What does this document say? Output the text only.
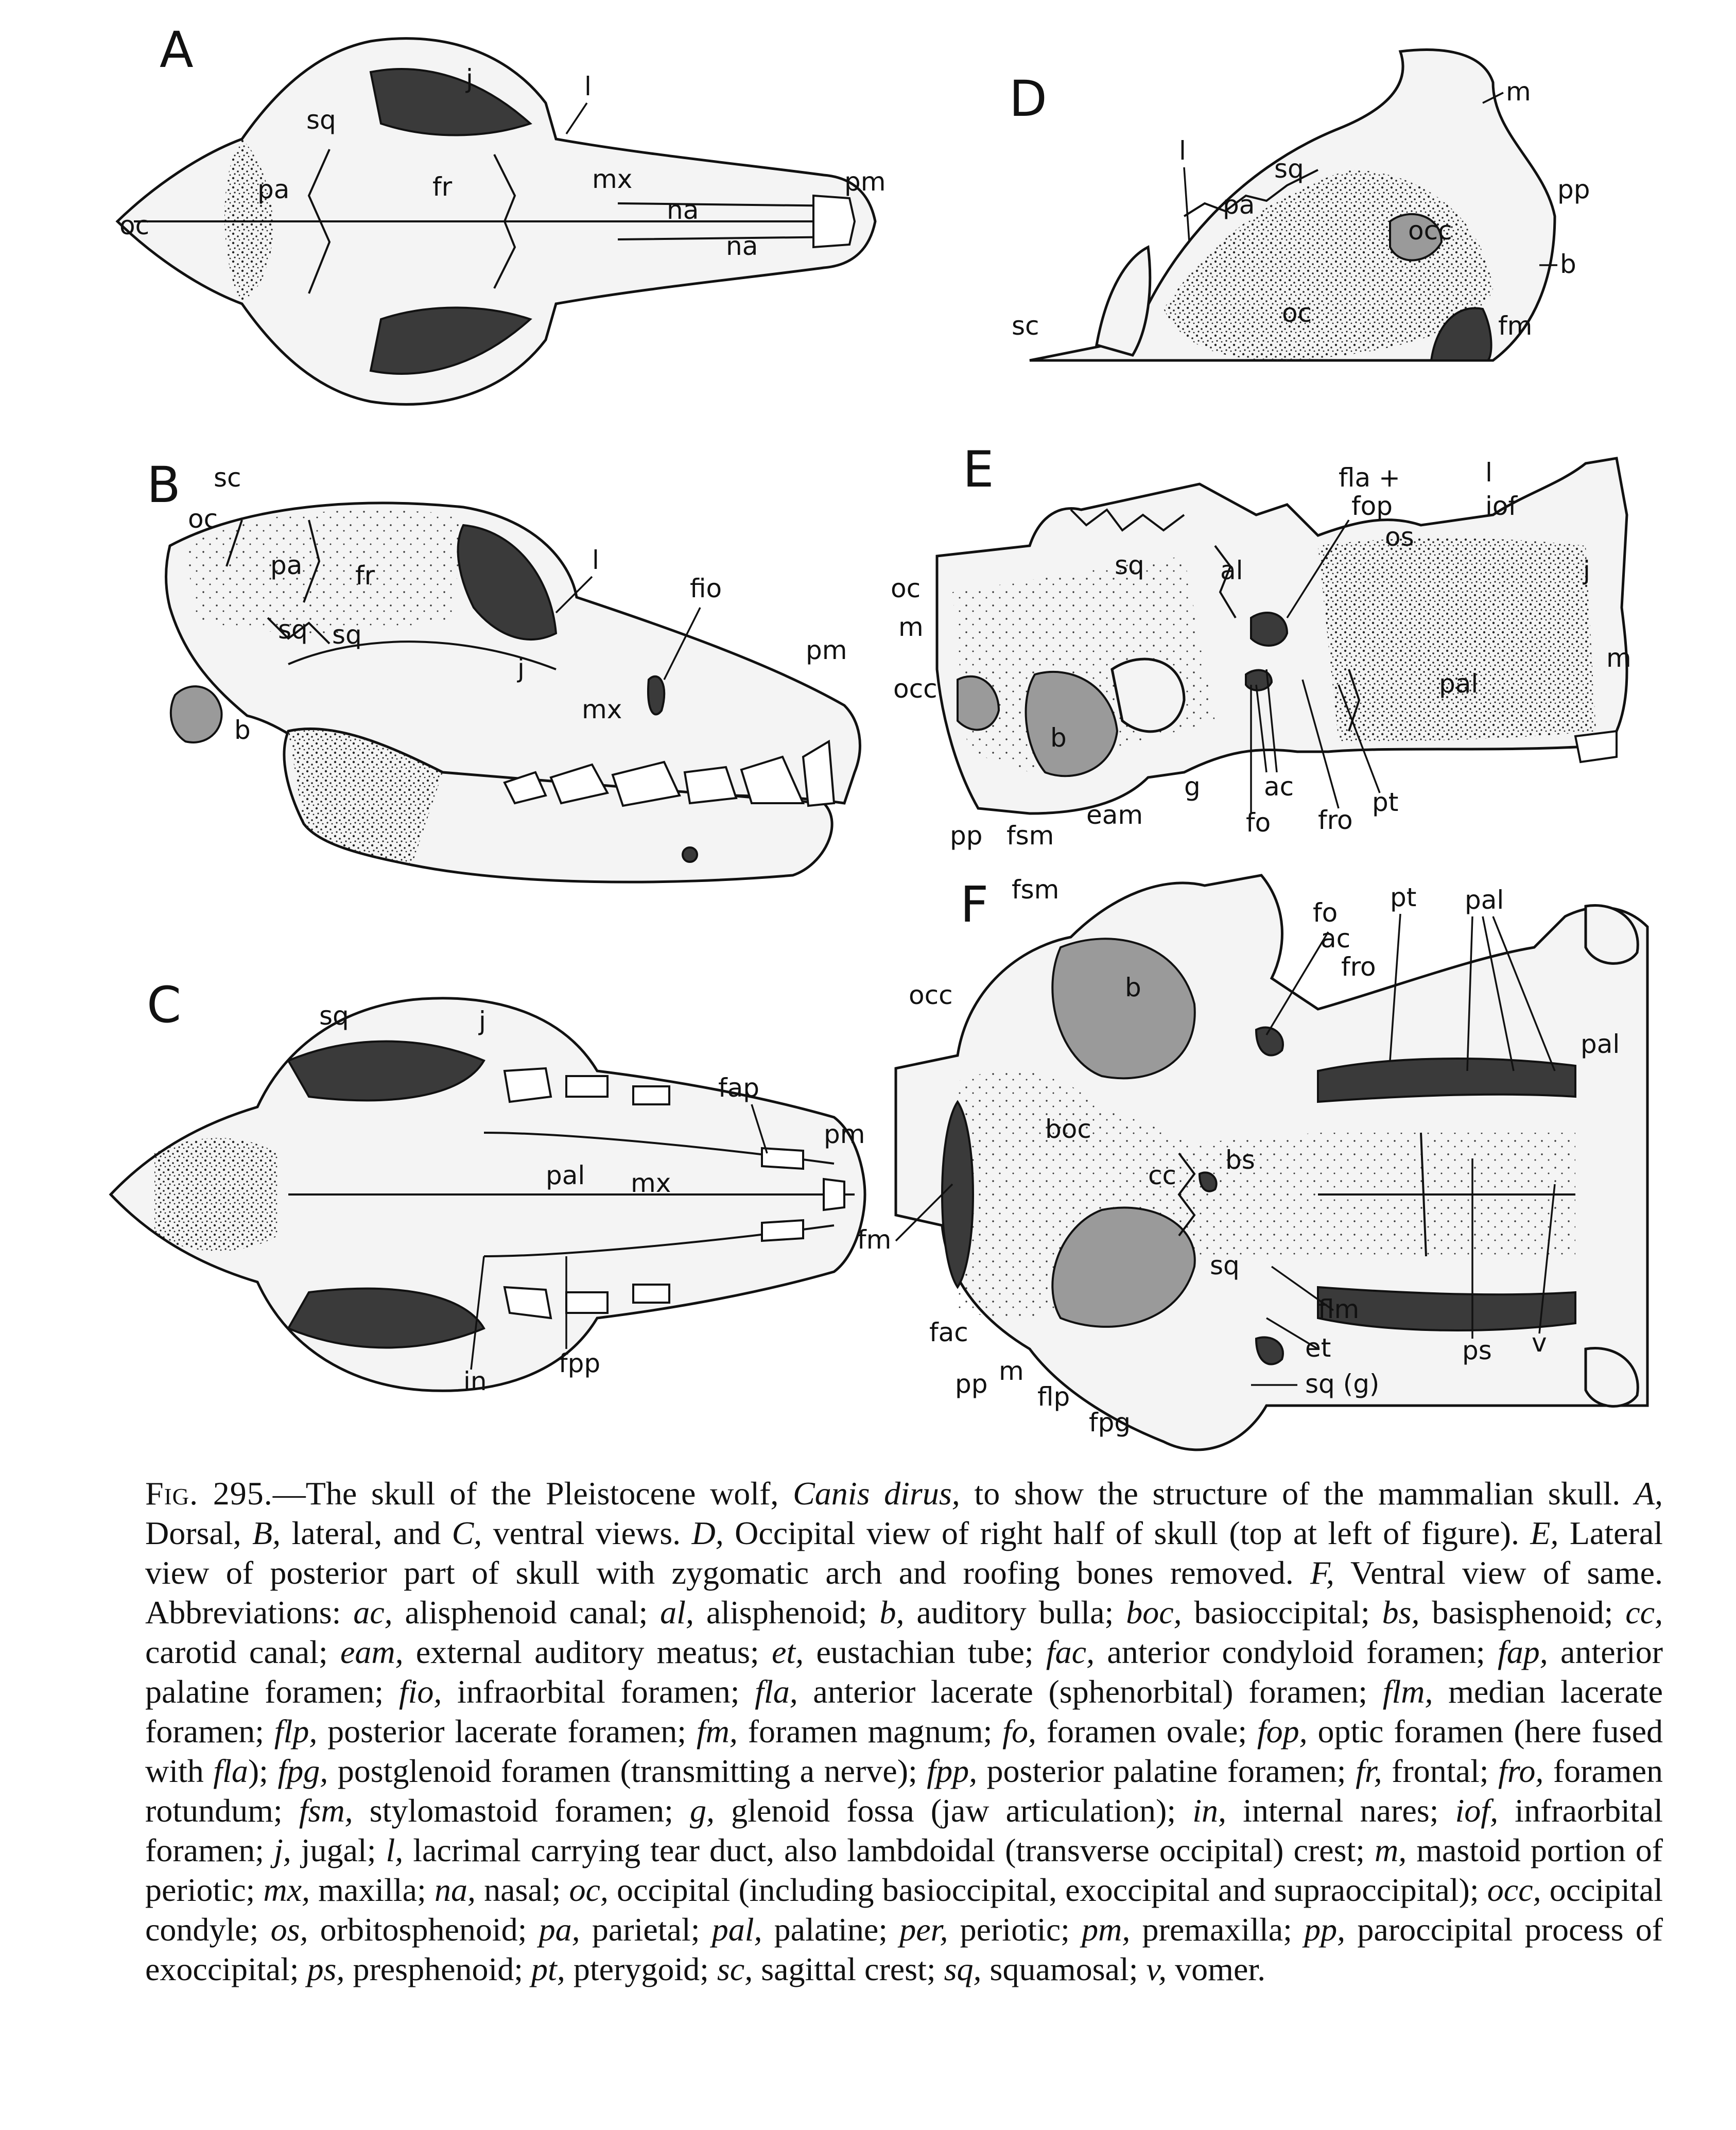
A
l
j
sq
pa	fr	mx	pm
na
na
oc
B sc
oc
pa fr
l
fio
pm
sq sq
j
mx
b
C	sq	j
fap
pm
pal mx
in
fpp
D	m
l
sq
pa
pp
occ
b
sc	oc	fm
E	fla +
fop
l
iof
sq	al
os
oc
m
occ
j
pal
m
b
g ac
pt
fro
fo
pp fsm
eam
F fsm
fo
pt pal
ac
fro
occ	b
pal
boc
bs
cc
fm
sq
flm
fac
et	ps v
pp m
flp	sq (g)
fpg

Fig. 295.—The skull of the Pleistocene wolf, Canis dirus, to show the structure of the mammalian skull. A, Dorsal, B, lateral, and C, ventral views. D, Occipital view of right half of skull (top at left of figure). E, Lateral view of posterior part of skull with zygomatic arch and roofing bones removed. F, Ventral view of same. Abbreviations: ac, alisphenoid canal; al, alisphenoid; b, auditory bulla; boc, basioccipital; bs, basisphenoid; cc, carotid canal; eam, external auditory meatus; et, eustachian tube; fac, anterior condyloid foramen; fap, anterior palatine foramen; fio, infraorbital foramen; fla, anterior lacerate (sphenorbital) foramen; flm, median lacerate foramen; flp, posterior lacerate foramen; fm, foramen magnum; fo, foramen ovale; fop, optic foramen (here fused with fla); fpg, postglenoid foramen (transmitting a nerve); fpp, posterior palatine foramen; fr, frontal; fro, foramen rotundum; fsm, stylomastoid foramen; g, glenoid fossa (jaw articulation); in, internal nares; iof, infraorbital foramen; j, jugal; l, lacrimal carrying tear duct, also lambdoidal (transverse occipital) crest; m, mastoid portion of periotic; mx, maxilla; na, nasal; oc, occipital (including basioccipital, exoccipital and supraoccipital); occ, occipital condyle; os, orbitosphenoid; pa, parietal; pal, palatine; per, periotic; pm, premaxilla; pp, paroccipital process of exoccipital; ps, presphenoid; pt, pterygoid; sc, sagittal crest; sq, squamosal; v, vomer.
